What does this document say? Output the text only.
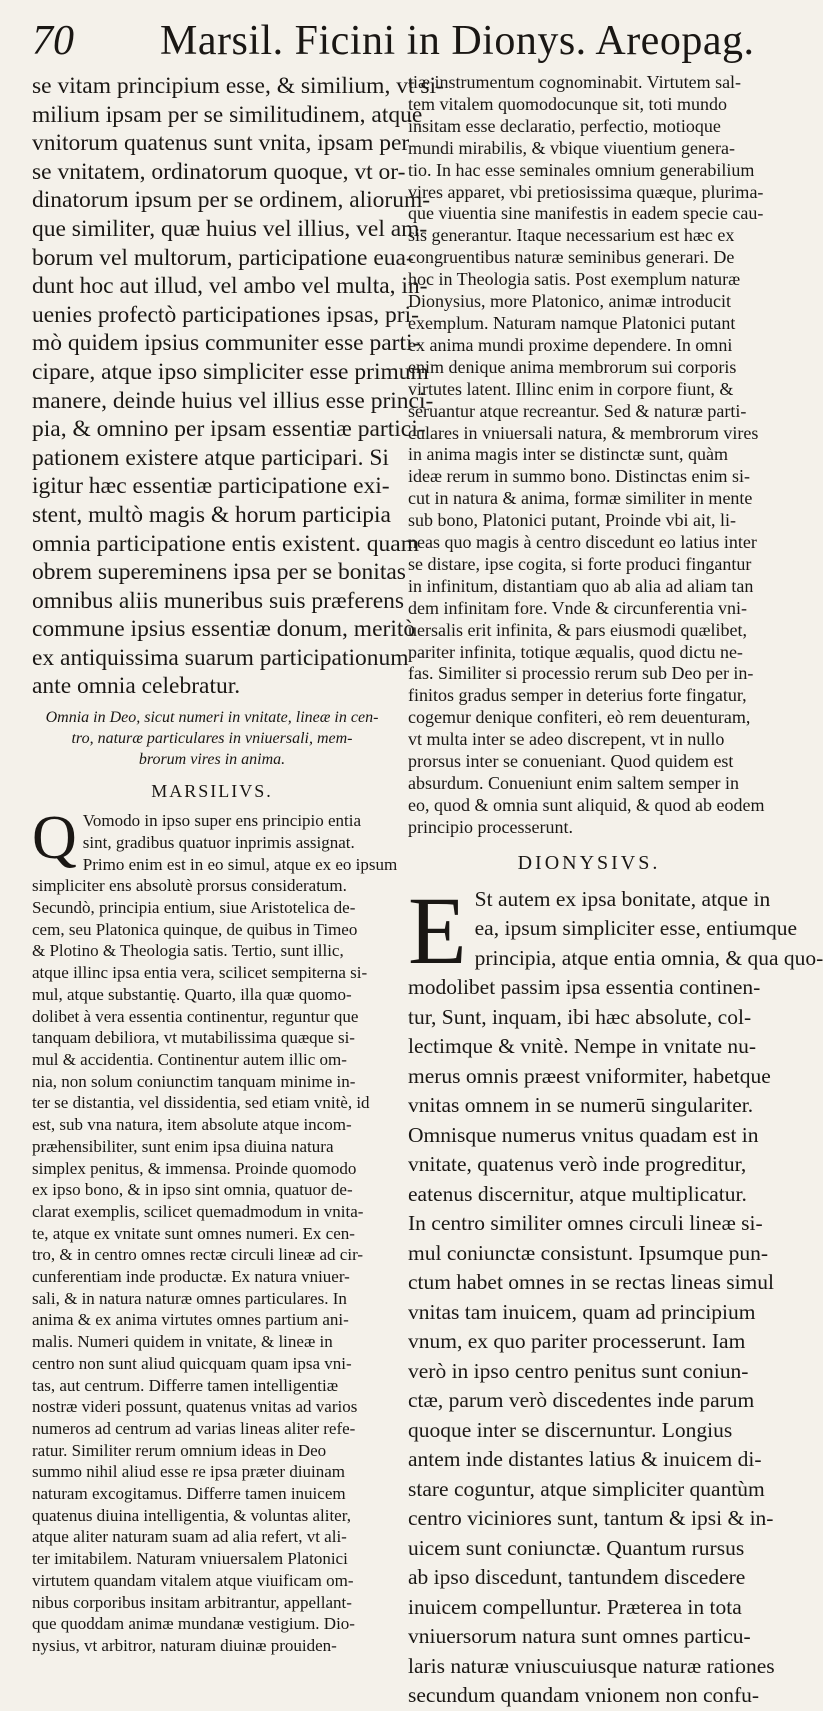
70 Marsil. Ficini in Dionys. Areopag.
se vitam principium esse, & similium, vt si-
milium ipsam per se similitudinem, atque
vnitorum quatenus sunt vnita, ipsam per
se vnitatem, ordinatorum quoque, vt or-
dinatorum ipsum per se ordinem, aliorum-
que similiter, quæ huius vel illius, vel am-
borum vel multorum, participatione eua-
dunt hoc aut illud, vel ambo vel multa, in-
uenies profectò participationes ipsas, pri-
mò quidem ipsius communiter esse parti-
cipare, atque ipso simpliciter esse primum
manere, deinde huius vel illius esse princi-
pia, & omnino per ipsam essentiæ partici-
pationem existere atque participari. Si
igitur hæc essentiæ participatione exi-
stent, multò magis & horum participia
omnia participatione entis existent. quam
obrem supereminens ipsa per se bonitas
omnibus aliis muneribus suis præferens
commune ipsius essentiæ donum, meritò
ex antiquissima suarum participationum
ante omnia celebratur.
Omnia in Deo, sicut numeri in vnitate, lineæ in cen-
tro, naturæ particulares in vniuersali, mem-
brorum vires in anima.
MARSILIVS.
Q Vomodo in ipso super ens principio entia
sint, gradibus quatuor inprimis assignat.
Primo enim est in eo simul, atque ex eo ipsum
simpliciter ens absolutè prorsus consideratum.
Secundò, principia entium, siue Aristotelica de-
cem, seu Platonica quinque, de quibus in Timeo
& Plotino & Theologia satis. Tertio, sunt illic,
atque illinc ipsa entia vera, scilicet sempiterna si-
mul, atque substantię. Quarto, illa quæ quomo-
dolibet à vera essentia continentur, reguntur que
tanquam debiliora, vt mutabilissima quæque si-
mul & accidentia. Continentur autem illic om-
nia, non solum coniunctim tanquam minime in-
ter se distantia, vel dissidentia, sed etiam vnitè, id
est, sub vna natura, item absolute atque incom-
præhensibiliter, sunt enim ipsa diuina natura
simplex penitus, & immensa. Proinde quomodo
ex ipso bono, & in ipso sint omnia, quatuor de-
clarat exemplis, scilicet quemadmodum in vnita-
te, atque ex vnitate sunt omnes numeri. Ex cen-
tro, & in centro omnes rectæ circuli lineæ ad cir-
cunferentiam inde productæ. Ex natura vniuer-
sali, & in natura naturæ omnes particulares. In
anima & ex anima virtutes omnes partium ani-
malis. Numeri quidem in vnitate, & lineæ in
centro non sunt aliud quicquam quam ipsa vni-
tas, aut centrum. Differre tamen intelligentiæ
nostræ videri possunt, quatenus vnitas ad varios
numeros ad centrum ad varias lineas aliter refe-
ratur. Similiter rerum omnium ideas in Deo
summo nihil aliud esse re ipsa præter diuinam
naturam excogitamus. Differre tamen inuicem
quatenus diuina intelligentia, & voluntas aliter,
atque aliter naturam suam ad alia refert, vt ali-
ter imitabilem. Naturam vniuersalem Platonici
virtutem quandam vitalem atque viuificam om-
nibus corporibus insitam arbitrantur, appellant-
que quoddam animæ mundanæ vestigium. Dio-
nysius, vt arbitror, naturam diuinæ prouiden-
tiæ instrumentum cognominabit. Virtutem sal-
tem vitalem quomodocunque sit, toti mundo
insitam esse declaratio, perfectio, motioque
mundi mirabilis, & vbique viuentium genera-
tio. In hac esse seminales omnium generabilium
vires apparet, vbi pretiosissima quæque, plurima-
que viuentia sine manifestis in eadem specie cau-
sis generantur. Itaque necessarium est hæc ex
congruentibus naturæ seminibus generari. De
hoc in Theologia satis. Post exemplum naturæ
Dionysius, more Platonico, animæ introducit
exemplum. Naturam namque Platonici putant
ex anima mundi proxime dependere. In omni
enim denique anima membrorum sui corporis
virtutes latent. Illinc enim in corpore fiunt, &
seruantur atque recreantur. Sed & naturæ parti-
culares in vniuersali natura, & membrorum vires
in anima magis inter se distinctæ sunt, quàm
ideæ rerum in summo bono. Distinctas enim si-
cut in natura & anima, formæ similiter in mente
sub bono, Platonici putant, Proinde vbi ait, li-
neas quo magis à centro discedunt eo latius inter
se distare, ipse cogita, si forte produci fingantur
in infinitum, distantiam quo ab alia ad aliam tan
dem infinitam fore. Vnde & circunferentia vni-
uersalis erit infinita, & pars eiusmodi quælibet,
pariter infinita, totique æqualis, quod dictu ne-
fas. Similiter si processio rerum sub Deo per in-
finitos gradus semper in deterius forte fingatur,
cogemur denique confiteri, eò rem deuenturam,
vt multa inter se adeo discrepent, vt in nullo
prorsus inter se conueniant. Quod quidem est
absurdum. Conueniunt enim saltem semper in
eo, quod & omnia sunt aliquid, & quod ab eodem
principio processerunt.
DIONYSIVS.
E St autem ex ipsa bonitate, atque in
ea, ipsum simpliciter esse, entiumque
principia, atque entia omnia, & qua quo-
modolibet passim ipsa essentia continen-
tur, Sunt, inquam, ibi hæc absolute, col-
lectimque & vnitè. Nempe in vnitate nu-
merus omnis præest vniformiter, habetque
vnitas omnem in se numerū singulariter.
Omnisque numerus vnitus quadam est in
vnitate, quatenus verò inde progreditur,
eatenus discernitur, atque multiplicatur.
In centro similiter omnes circuli lineæ si-
mul coniunctæ consistunt. Ipsumque pun-
ctum habet omnes in se rectas lineas simul
vnitas tam inuicem, quam ad principium
vnum, ex quo pariter processerunt. Iam
verò in ipso centro penitus sunt coniun-
ctæ, parum verò discedentes inde parum
quoque inter se discernuntur. Longius
antem inde distantes latius & inuicem di-
stare coguntur, atque simpliciter quantùm
centro viciniores sunt, tantum & ipsi & in-
uicem sunt coniunctæ. Quantum rursus
ab ipso discedunt, tantundem discedere
inuicem compelluntur. Præterea in tota
vniuersorum natura sunt omnes particu-
laris naturæ vniuscuiusque naturæ rationes
secundum quandam vnionem non confu-
